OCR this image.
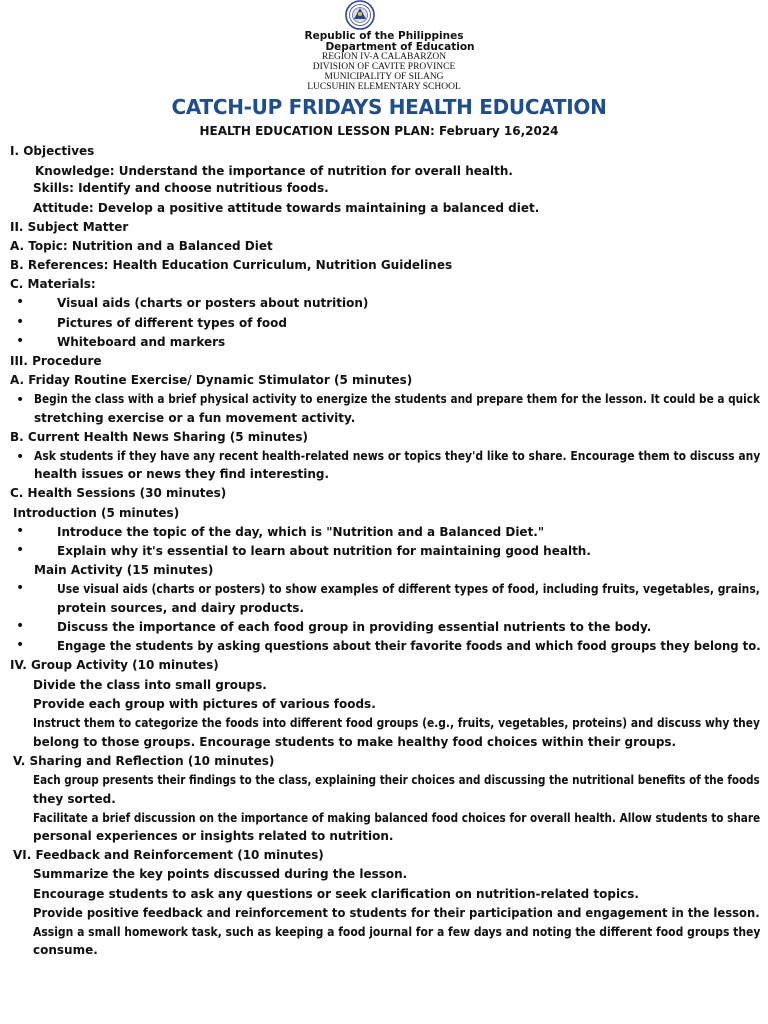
Republic of the Philippines
Department of Education
REGION IV-A CALABARZON
DIVISION OF CAVITE PROVINCE
MUNICIPALITY OF SILANG
LUCSUHIN ELEMENTARY SCHOOL
CATCH-UP FRIDAYS HEALTH EDUCATION
HEALTH EDUCATION LESSON PLAN: February 16,2024
I. Objectives
Knowledge: Understand the importance of nutrition for overall health.
Skills: Identify and choose nutritious foods.
Attitude: Develop a positive attitude towards maintaining a balanced diet.
II. Subject Matter
A. Topic: Nutrition and a Balanced Diet
B. References: Health Education Curriculum, Nutrition Guidelines
C. Materials:
•	Visual aids (charts or posters about nutrition)
•	Pictures of different types of food
•	Whiteboard and markers
III. Procedure
A. Friday Routine Exercise/ Dynamic Stimulator (5 minutes)
• Begin the class with a brief physical activity to energize the students and prepare them for the lesson. It could be a quick
stretching exercise or a fun movement activity.
B. Current Health News Sharing (5 minutes)
• Ask students if they have any recent health-related news or topics they'd like to share. Encourage them to discuss any
health issues or news they find interesting.
C. Health Sessions (30 minutes)
Introduction (5 minutes)
•	Introduce the topic of the day, which is "Nutrition and a Balanced Diet."
•	Explain why it's essential to learn about nutrition for maintaining good health.
Main Activity (15 minutes)
•	Use visual aids (charts or posters) to show examples of different types of food, including fruits, vegetables, grains,
protein sources, and dairy products.
•	Discuss the importance of each food group in providing essential nutrients to the body.
•	Engage the students by asking questions about their favorite foods and which food groups they belong to.
IV. Group Activity (10 minutes)
Divide the class into small groups.
Provide each group with pictures of various foods.
Instruct them to categorize the foods into different food groups (e.g., fruits, vegetables, proteins) and discuss why they
belong to those groups. Encourage students to make healthy food choices within their groups.
V. Sharing and Reflection (10 minutes)
Each group presents their findings to the class, explaining their choices and discussing the nutritional benefits of the foods
they sorted.
Facilitate a brief discussion on the importance of making balanced food choices for overall health. Allow students to share
personal experiences or insights related to nutrition.
VI. Feedback and Reinforcement (10 minutes)
Summarize the key points discussed during the lesson.
Encourage students to ask any questions or seek clarification on nutrition-related topics.
Provide positive feedback and reinforcement to students for their participation and engagement in the lesson.
Assign a small homework task, such as keeping a food journal for a few days and noting the different food groups they
consume.
